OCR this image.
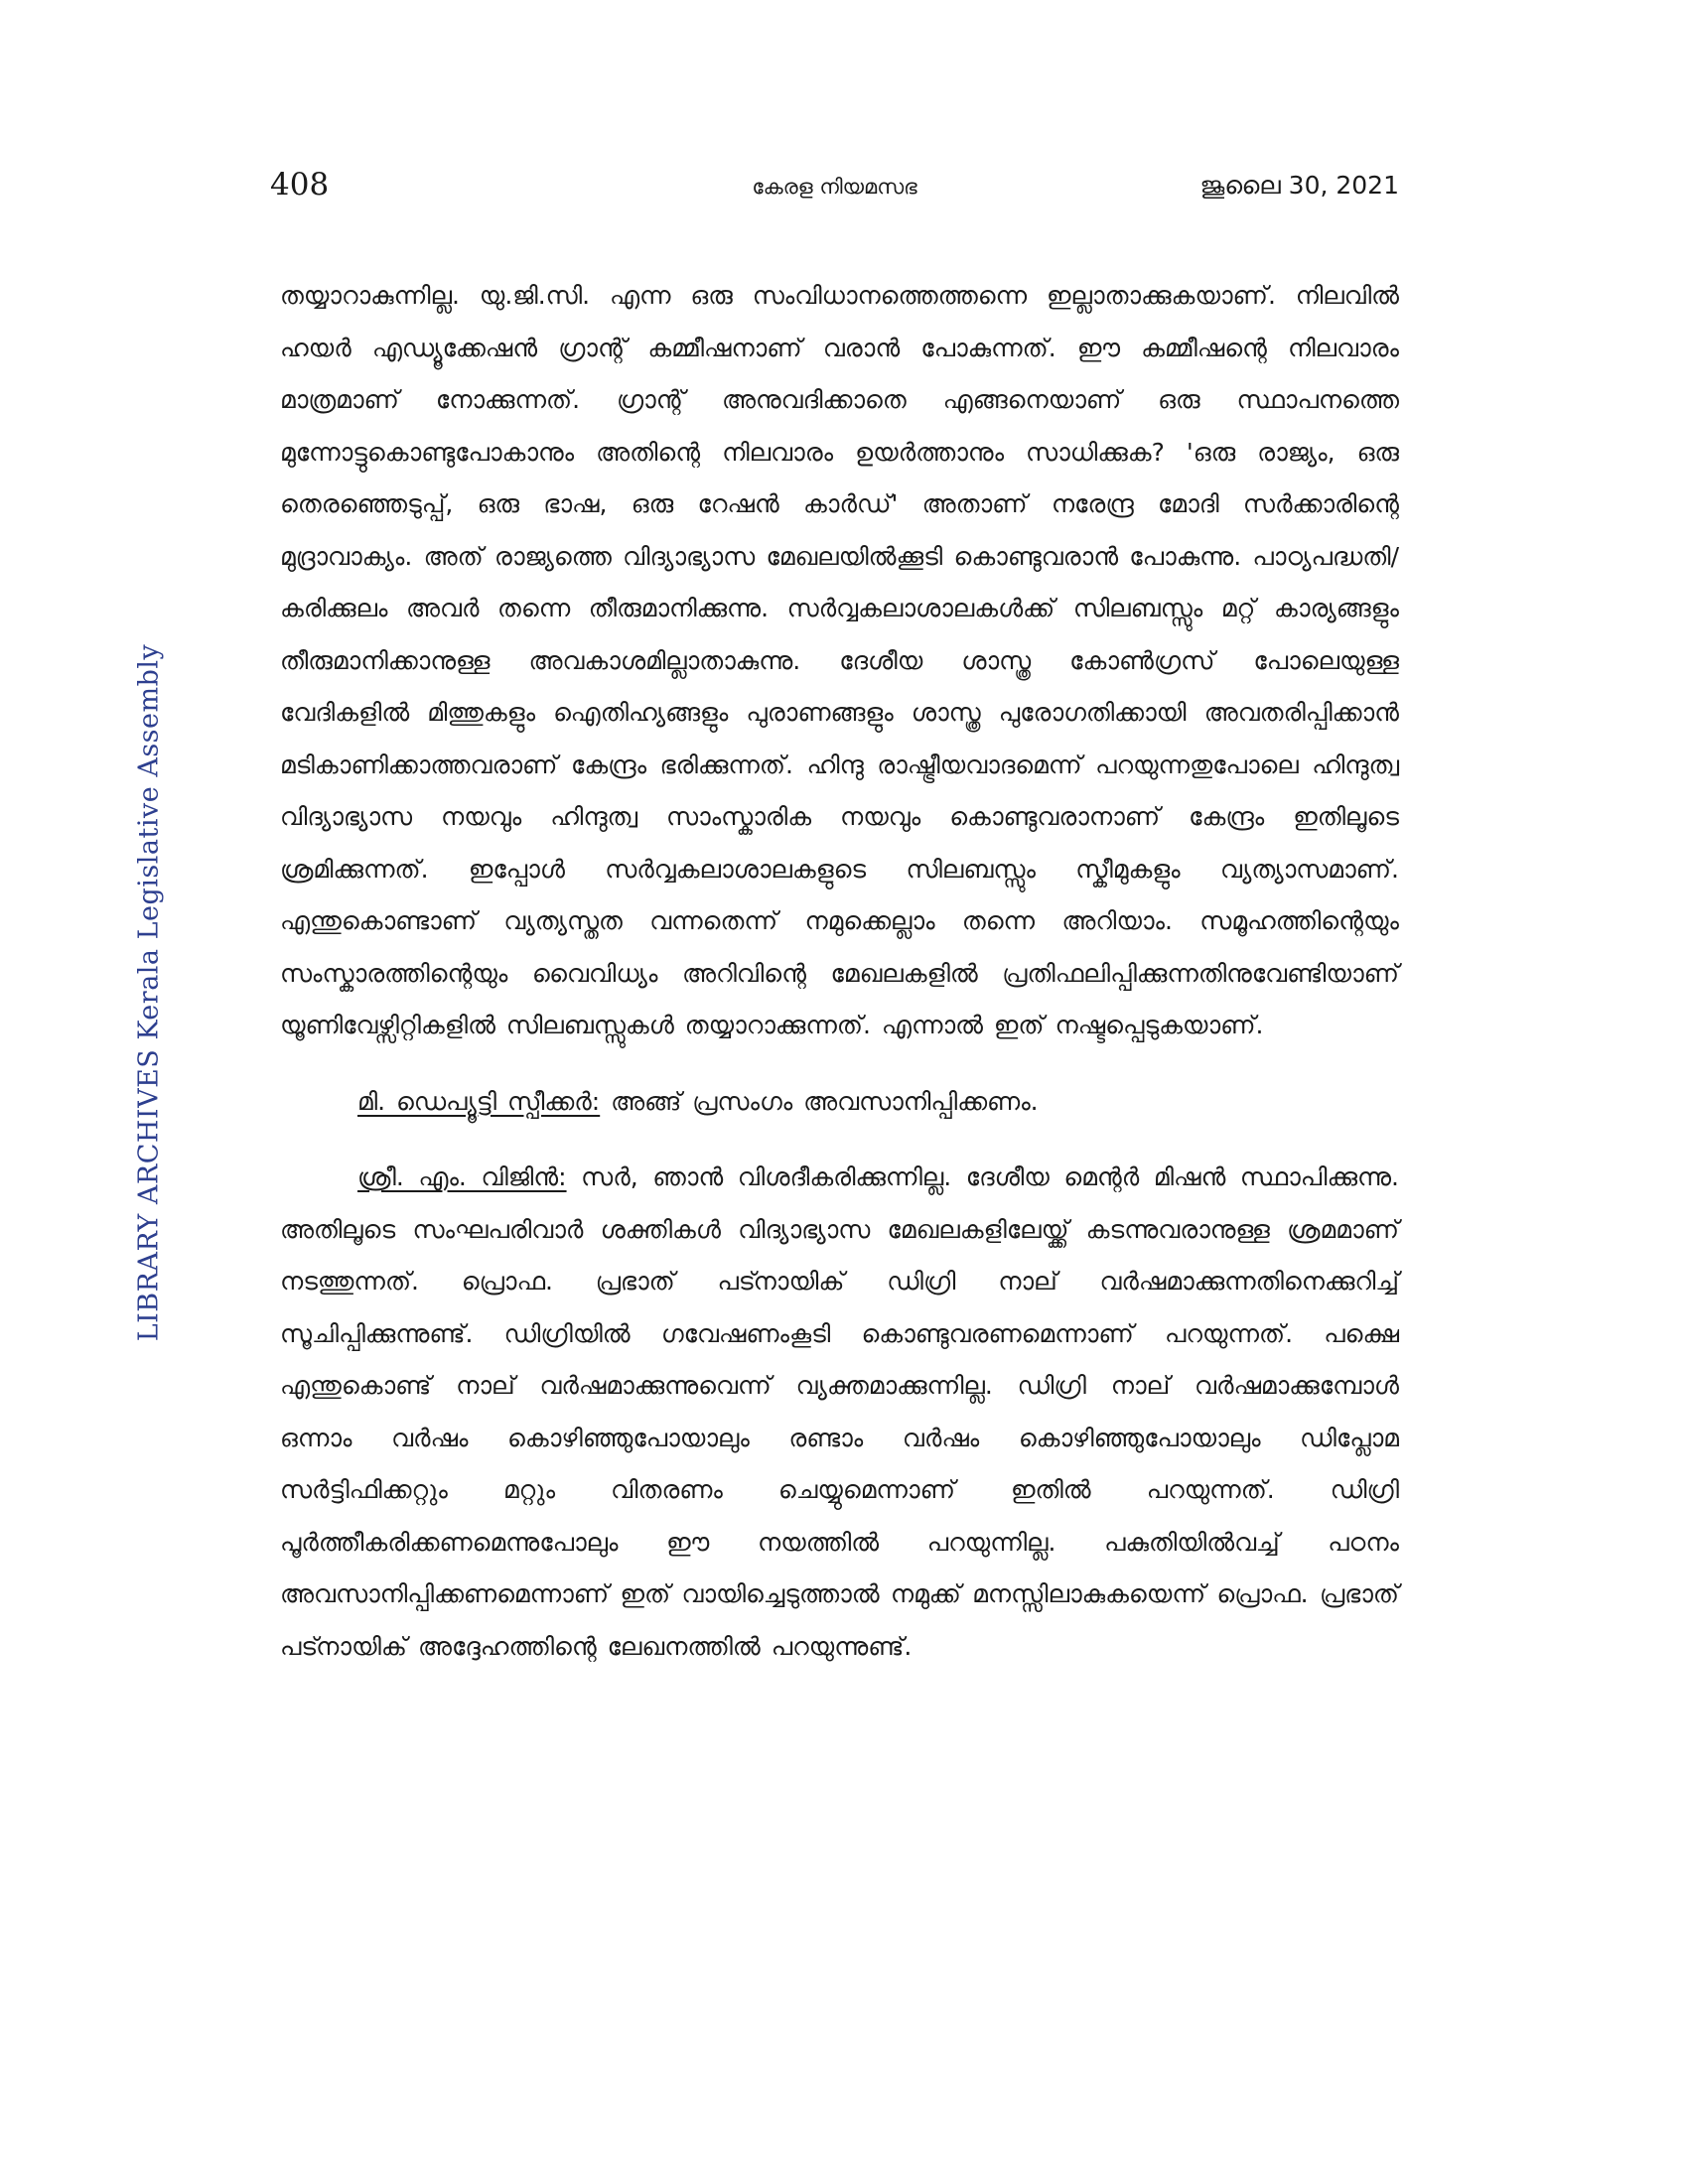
408	കേരള നിയമസഭ	ജൂലൈ 30, 2021
LIBRARY ARCHIVES Kerala Legislative Assembly

തയ്യാറാകുന്നില്ല. യു.ജി.സി. എന്ന ഒരു സംവിധാനത്തെത്തന്നെ ഇല്ലാതാക്കുകയാണ്. നിലവിൽ ഹയർ എഡ്യൂക്കേഷൻ ഗ്രാന്റ് കമ്മീഷനാണ് വരാൻ പോകുന്നത്. ഈ കമ്മീഷന്റെ നിലവാരം മാത്രമാണ് നോക്കുന്നത്. ഗ്രാന്റ് അനുവദിക്കാതെ എങ്ങനെയാണ് ഒരു സ്ഥാപനത്തെ മുന്നോട്ടുകൊണ്ടുപോകാനും അതിന്റെ നിലവാരം ഉയർത്താനും സാധിക്കുക? 'ഒരു രാജ്യം, ഒരു തെരഞ്ഞെടുപ്പ്, ഒരു ഭാഷ, ഒരു റേഷൻ കാർഡ്' അതാണ് നരേന്ദ്ര മോദി സർക്കാരിന്റെ മുദ്രാവാക്യം. അത് രാജ്യത്തെ വിദ്യാഭ്യാസ മേഖലയിൽക്കൂടി കൊണ്ടുവരാൻ പോകുന്നു. പാഠ്യപദ്ധതി/കരിക്കുലം അവർ തന്നെ തീരുമാനിക്കുന്നു. സർവ്വകലാശാലകൾക്ക് സിലബസ്സും മറ്റ് കാര്യങ്ങളും തീരുമാനിക്കാനുള്ള അവകാശമില്ലാതാകുന്നു. ദേശീയ ശാസ്ത്ര കോൺഗ്രസ് പോലെയുള്ള വേദികളിൽ മിത്തുകളും ഐതിഹ്യങ്ങളും പുരാണങ്ങളും ശാസ്ത്ര പുരോഗതിക്കായി അവതരിപ്പിക്കാൻ മടികാണിക്കാത്തവരാണ് കേന്ദ്രം ഭരിക്കുന്നത്. ഹിന്ദു രാഷ്ട്രീയവാദമെന്ന് പറയുന്നതുപോലെ ഹിന്ദുത്വ വിദ്യാഭ്യാസ നയവും ഹിന്ദുത്വ സാംസ്കാരിക നയവും കൊണ്ടുവരാനാണ് കേന്ദ്രം ഇതിലൂടെ ശ്രമിക്കുന്നത്. ഇപ്പോൾ സർവ്വകലാശാലകളുടെ സിലബസ്സും സ്കീമുകളും വ്യത്യാസമാണ്. എന്തുകൊണ്ടാണ് വ്യത്യസ്തത വന്നതെന്ന് നമുക്കെല്ലാം തന്നെ അറിയാം. സമൂഹത്തിന്റെയും സംസ്കാരത്തിന്റെയും വൈവിധ്യം അറിവിന്റെ മേഖലകളിൽ പ്രതിഫലിപ്പിക്കുന്നതിനുവേണ്ടിയാണ് യൂണിവേഴ്സിറ്റികളിൽ സിലബസ്സുകൾ തയ്യാറാക്കുന്നത്. എന്നാൽ ഇത് നഷ്ടപ്പെടുകയാണ്.

മി. ഡെപ്യൂട്ടി സ്പീക്കർ: അങ്ങ് പ്രസംഗം അവസാനിപ്പിക്കണം.

ശ്രീ. എം. വിജിൻ: സർ, ഞാൻ വിശദീകരിക്കുന്നില്ല. ദേശീയ മെന്റർ മിഷൻ സ്ഥാപിക്കുന്നു. അതിലൂടെ സംഘപരിവാർ ശക്തികൾ വിദ്യാഭ്യാസ മേഖലകളിലേയ്ക്ക് കടന്നുവരാനുള്ള ശ്രമമാണ് നടത്തുന്നത്. പ്രൊഫ. പ്രഭാത് പട്നായിക് ഡിഗ്രി നാല് വർഷമാക്കുന്നതിനെക്കുറിച്ച് സൂചിപ്പിക്കുന്നുണ്ട്. ഡിഗ്രിയിൽ ഗവേഷണംകൂടി കൊണ്ടുവരണമെന്നാണ് പറയുന്നത്. പക്ഷെ എന്തുകൊണ്ട് നാല് വർഷമാക്കുന്നുവെന്ന് വ്യക്തമാക്കുന്നില്ല. ഡിഗ്രി നാല് വർഷമാക്കുമ്പോൾ ഒന്നാം വർഷം കൊഴിഞ്ഞുപോയാലും രണ്ടാം വർഷം കൊഴിഞ്ഞുപോയാലും ഡിപ്ലോമ സർട്ടിഫിക്കറ്റും മറ്റും വിതരണം ചെയ്യുമെന്നാണ് ഇതിൽ പറയുന്നത്. ഡിഗ്രി പൂർത്തീകരിക്കണമെന്നുപോലും ഈ നയത്തിൽ പറയുന്നില്ല. പകുതിയിൽവച്ച് പഠനം അവസാനിപ്പിക്കണമെന്നാണ് ഇത് വായിച്ചെടുത്താൽ നമുക്ക് മനസ്സിലാകുകയെന്ന് പ്രൊഫ. പ്രഭാത് പട്നായിക് അദ്ദേഹത്തിന്റെ ലേഖനത്തിൽ പറയുന്നുണ്ട്.
